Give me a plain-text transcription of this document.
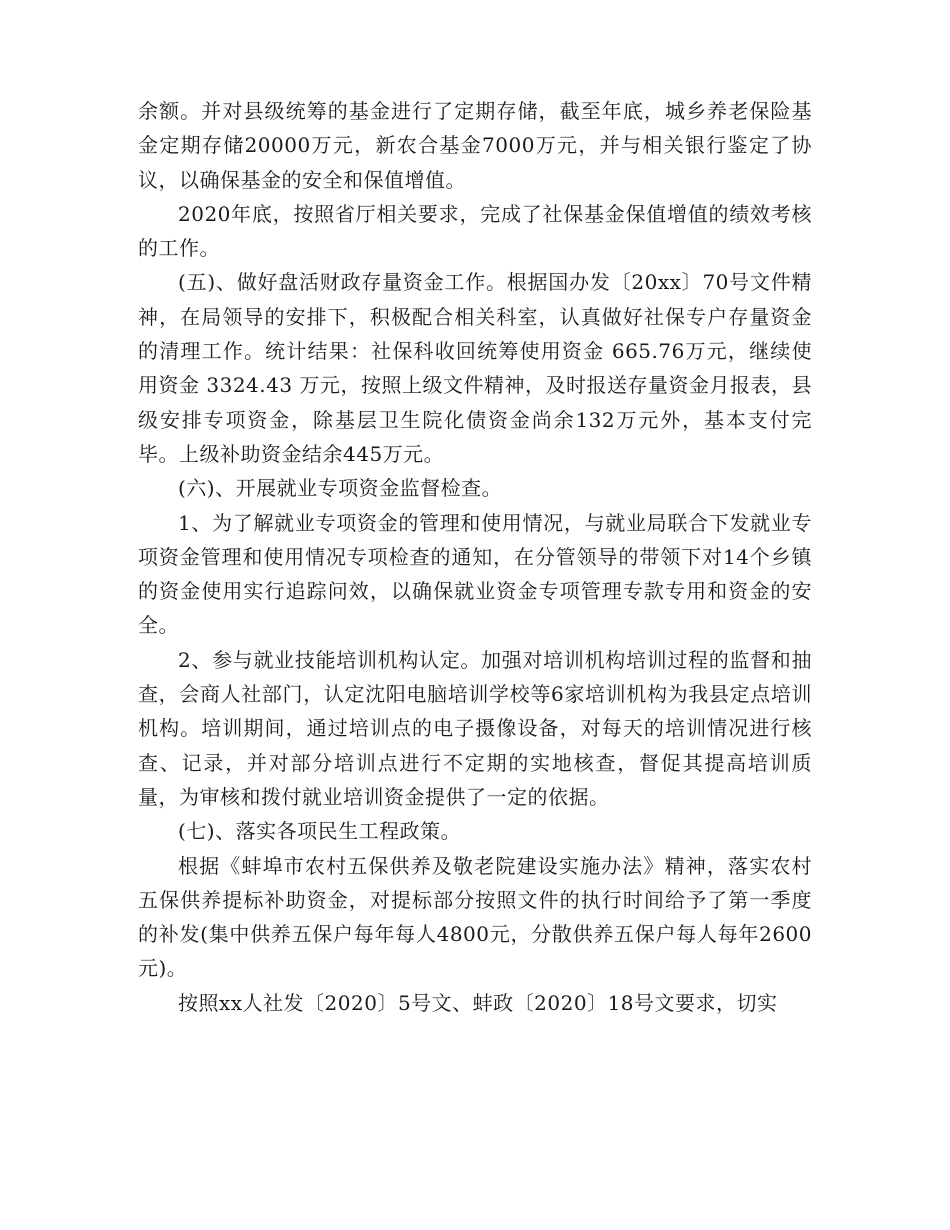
余额。并对县级统筹的基金进行了定期存储，截至年底，城乡养老保险基金定期存储20000万元，新农合基金7000万元，并与相关银行鉴定了协议，以确保基金的安全和保值增值。

2020年底，按照省厅相关要求，完成了社保基金保值增值的绩效考核的工作。

(五)、做好盘活财政存量资金工作。根据国办发〔20xx〕70号文件精神，在局领导的安排下，积极配合相关科室，认真做好社保专户存量资金的清理工作。统计结果：社保科收回统筹使用资金 665.76万元，继续使用资金 3324.43 万元，按照上级文件精神，及时报送存量资金月报表，县级安排专项资金，除基层卫生院化债资金尚余132万元外，基本支付完毕。上级补助资金结余445万元。

(六)、开展就业专项资金监督检查。

1、为了解就业专项资金的管理和使用情况，与就业局联合下发就业专项资金管理和使用情况专项检查的通知，在分管领导的带领下对14个乡镇的资金使用实行追踪问效，以确保就业资金专项管理专款专用和资金的安全。

2、参与就业技能培训机构认定。加强对培训机构培训过程的监督和抽查，会商人社部门，认定沈阳电脑培训学校等6家培训机构为我县定点培训机构。培训期间，通过培训点的电子摄像设备，对每天的培训情况进行核查、记录，并对部分培训点进行不定期的实地核查，督促其提高培训质量，为审核和拨付就业培训资金提供了一定的依据。

(七)、落实各项民生工程政策。

根据《蚌埠市农村五保供养及敬老院建设实施办法》精神，落实农村五保供养提标补助资金，对提标部分按照文件的执行时间给予了第一季度的补发(集中供养五保户每年每人4800元，分散供养五保户每人每年2600元)。

按照xx人社发〔2020〕5号文、蚌政〔2020〕18号文要求，切实
